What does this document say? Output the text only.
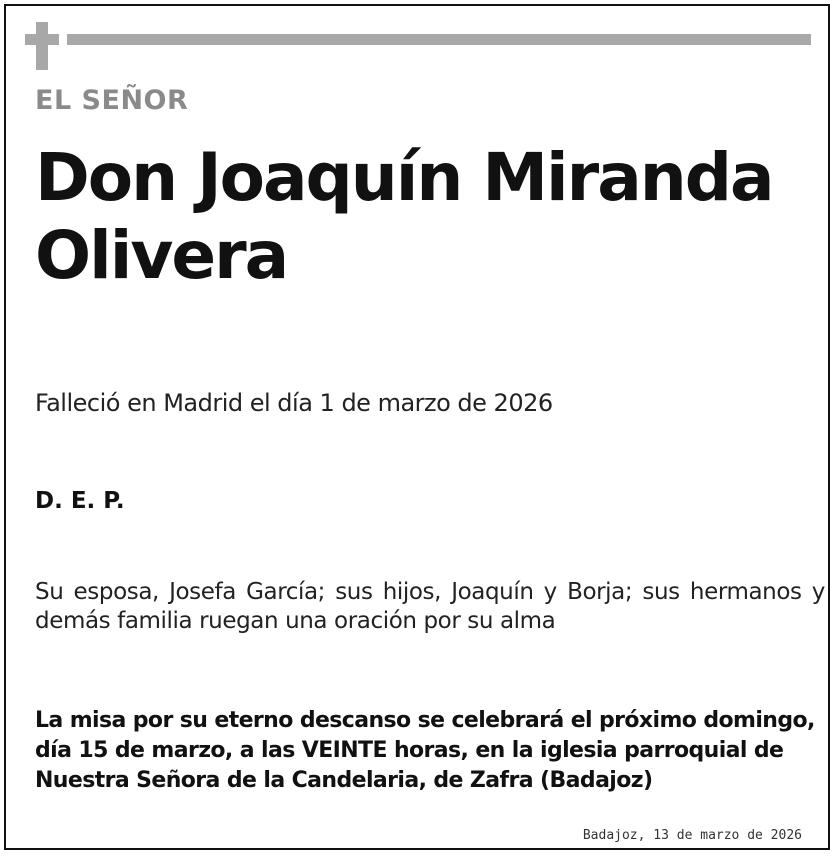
EL SEÑOR
Don Joaquín Miranda Olivera
Falleció en Madrid el día 1 de marzo de 2026
D. E. P.
Su esposa, Josefa García; sus hijos, Joaquín y Borja; sus hermanos y demás familia ruegan una oración por su alma
La misa por su eterno descanso se celebrará el próximo domingo, día 15 de marzo, a las VEINTE horas, en la iglesia parroquial de Nuestra Señora de la Candelaria, de Zafra (Badajoz)
Badajoz, 13 de marzo de 2026
